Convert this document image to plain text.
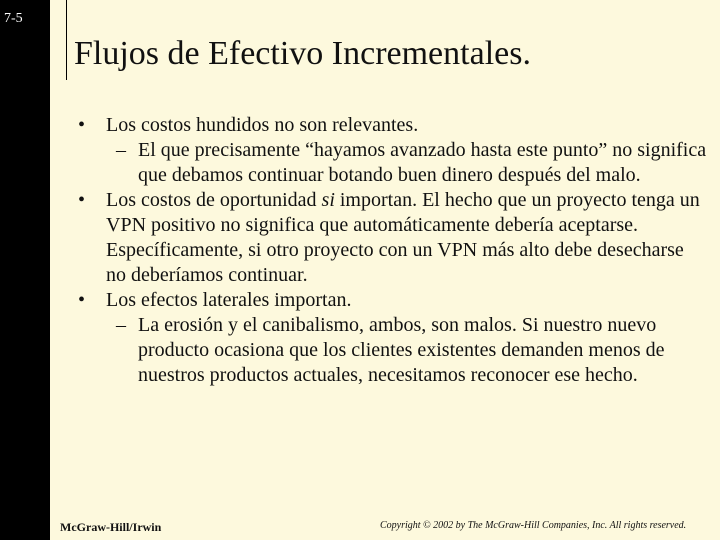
7-5
Flujos de Efectivo Incrementales.
• Los costos hundidos no son relevantes.
– El que precisamente “hayamos avanzado hasta este punto” no significa que debamos continuar botando buen dinero después del malo.
• Los costos de oportunidad si importan. El hecho que un proyecto tenga un VPN positivo no significa que automáticamente debería aceptarse. Específicamente, si otro proyecto con un VPN más alto debe desecharse no deberíamos continuar.
• Los efectos laterales importan.
– La erosión y el canibalismo, ambos, son malos. Si nuestro nuevo producto ocasiona que los clientes existentes demanden menos de nuestros productos actuales, necesitamos reconocer ese hecho.
McGraw-Hill/Irwin	Copyright © 2002 by The McGraw-Hill Companies, Inc. All rights reserved.
